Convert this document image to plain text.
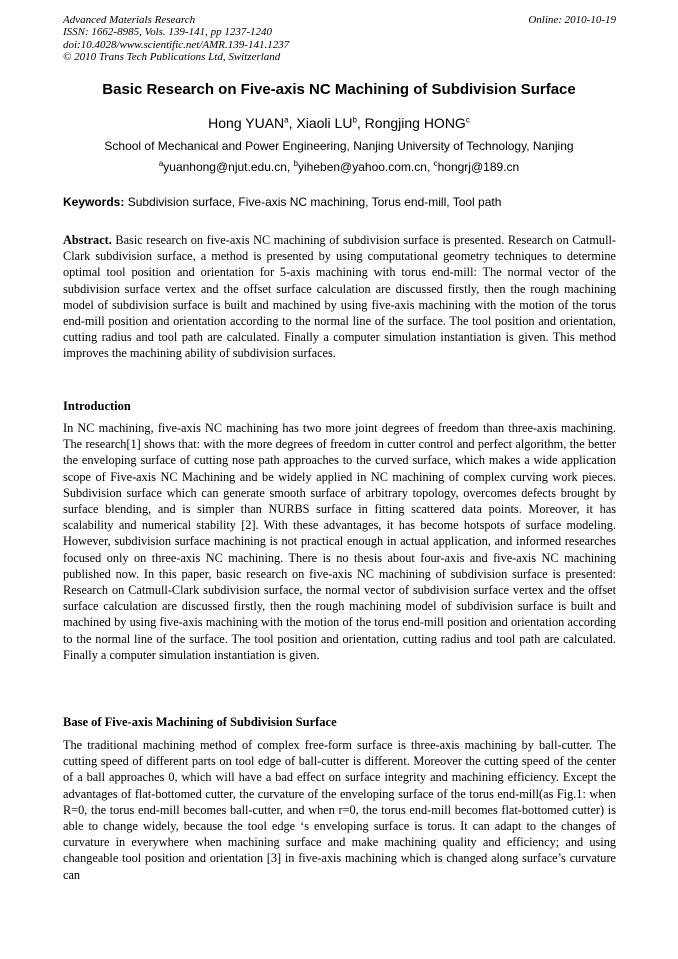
Advanced Materials Research
ISSN: 1662-8985, Vols. 139-141, pp 1237-1240
doi:10.4028/www.scientific.net/AMR.139-141.1237
© 2010 Trans Tech Publications Ltd, Switzerland
Online: 2010-10-19
Basic Research on Five-axis NC Machining of Subdivision Surface
Hong YUAN$^a$, Xiaoli $LU^b$, Rongjing HONG$^c$
School of Mechanical and Power Engineering, Nanjing University of Technology, Nanjing
$^a$yuanhong@njut.edu.cn, $^b$yiheben@yahoo.com.cn, $^c$hongrj@189.cn
Keywords: Subdivision surface, Five-axis NC machining, Torus end-mill, Tool path
Abstract. Basic research on five-axis NC machining of subdivision surface is presented. Research on Catmull-Clark subdivision surface, a method is presented by using computational geometry techniques to determine optimal tool position and orientation for 5-axis machining with torus end-mill: The normal vector of the subdivision surface vertex and the offset surface calculation are discussed firstly, then the rough machining model of subdivision surface is built and machined by using five-axis machining with the motion of the torus end-mill position and orientation according to the normal line of the surface. The tool position and orientation, cutting radius and tool path are calculated. Finally a computer simulation instantiation is given. This method improves the machining ability of subdivision surfaces.
Introduction
In NC machining, five-axis NC machining has two more joint degrees of freedom than three-axis machining. The research[1] shows that: with the more degrees of freedom in cutter control and perfect algorithm, the better the enveloping surface of cutting nose path approaches to the curved surface, which makes a wide application scope of Five-axis NC Machining and be widely applied in NC machining of complex curving work pieces. Subdivision surface which can generate smooth surface of arbitrary topology, overcomes defects brought by surface blending, and is simpler than NURBS surface in fitting scattered data points. Moreover, it has scalability and numerical stability [2]. With these advantages, it has become hotspots of surface modeling. However, subdivision surface machining is not practical enough in actual application, and informed researches focused only on three-axis NC machining. There is no thesis about four-axis and five-axis NC machining published now. In this paper, basic research on five-axis NC machining of subdivision surface is presented: Research on Catmull-Clark subdivision surface, the normal vector of subdivision surface vertex and the offset surface calculation are discussed firstly, then the rough machining model of subdivision surface is built and machined by using five-axis machining with the motion of the torus end-mill position and orientation according to the normal line of the surface. The tool position and orientation, cutting radius and tool path are calculated. Finally a computer simulation instantiation is given.
Base of Five-axis Machining of Subdivision Surface
The traditional machining method of complex free-form surface is three-axis machining by ball-cutter. The cutting speed of different parts on tool edge of ball-cutter is different. Moreover the cutting speed of the center of a ball approaches 0, which will have a bad effect on surface integrity and machining efficiency. Except the advantages of flat-bottomed cutter, the curvature of the enveloping surface of the torus end-mill(as Fig.1: when R=0, the torus end-mill becomes ball-cutter, and when r=0, the torus end-mill becomes flat-bottomed cutter) is able to change widely, because the tool edge ‘s enveloping surface is torus. It can adapt to the changes of curvature in everywhere when machining surface and make machining quality and efficiency; and using changeable tool position and orientation [3] in five-axis machining which is changed along surface’s curvature can
